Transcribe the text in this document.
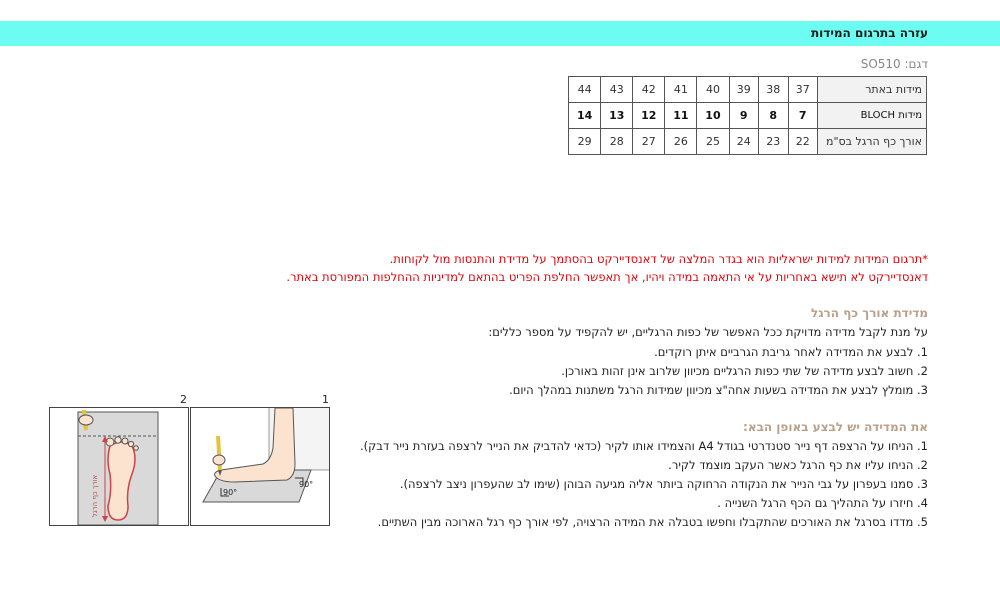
עזרה בתרגום המידות
דגם: SO510
מידות באתר	37	38	39	40	41	42	43	44
מידות BLOCH	7	8	9	10	11	12	13	14
אורך כף הרגל בס"מ	22	23	24	25	26	27	28	29
*תרגום המידות למידות ישראליות הוא בגדר המלצה של דאנסדיירקט בהסתמך על מדידת והתנסות מול לקוחות.
דאנסדיירקט לא תישא באחריות על אי התאמה במידה ויהיו, אך תאפשר החלפת הפריט בהתאם למדיניות ההחלפות המפורסת באתר.
מדידת אורך כף הרגל
על מנת לקבל מדידה מדויקת ככל האפשר של כפות הרגליים, יש להקפיד על מספר כללים:
1. לבצע את המדידה לאחר גריבת הגרביים איתן רוקדים.
2. חשוב לבצע מדידה של שתי כפות הרגליים מכיוון שלרוב אינן זהות באורכן.
3. מומלץ לבצע את המדידה בשעות אחה"צ מכיוון שמידות הרגל משתנות במהלך היום.
את המדידה יש לבצע באופן הבא:
1. הניחו על הרצפה דף נייר סטנדרטי בגודל A4 והצמידו אותו לקיר (כדאי להדביק את הנייר לרצפה בעזרת נייר דבק).
2. הניחו עליו את כף הרגל כאשר העקב מוצמד לקיר.
3. סמנו בעפרון על גבי הנייר את הנקודה הרחוקה ביותר אליה מגיעה הבוהן (שימו לב שהעפרון ניצב לרצפה).
4. חיזרו על התהליך גם הכף הרגל השנייה .
5. מדדו בסרגל את האורכים שהתקבלו וחפשו בטבלה את המידה הרצויה, לפי אורך כף רגל הארוכה מבין השתיים.
1
2
90°
90°
אורך כף הרגל
